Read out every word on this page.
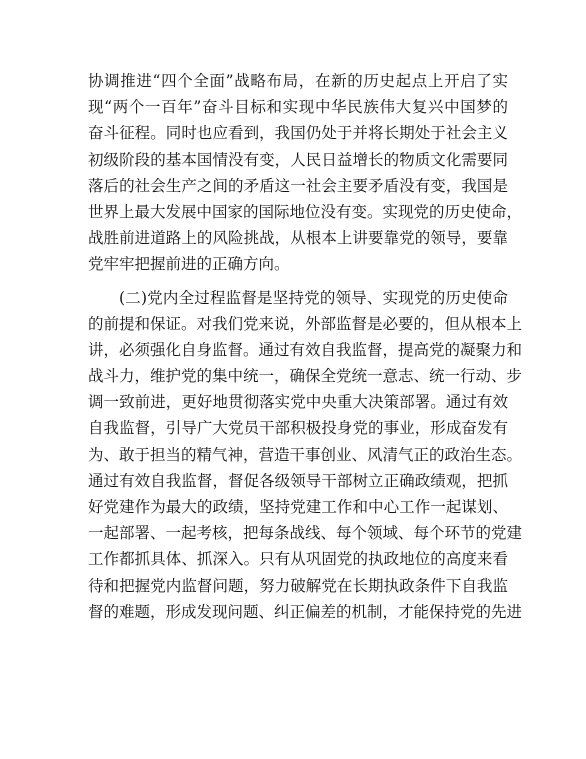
协调推进“四个全面”战略布局，在新的历史起点上开启了实
现“两个一百年”奋斗目标和实现中华民族伟大复兴中国梦的
奋斗征程。同时也应看到，我国仍处于并将长期处于社会主义
初级阶段的基本国情没有变，人民日益增长的物质文化需要同
落后的社会生产之间的矛盾这一社会主要矛盾没有变，我国是
世界上最大发展中国家的国际地位没有变。实现党的历史使命，
战胜前进道路上的风险挑战，从根本上讲要靠党的领导，要靠
党牢牢把握前进的正确方向。
(二)党内全过程监督是坚持党的领导、实现党的历史使命
的前提和保证。对我们党来说，外部监督是必要的，但从根本上
讲，必须强化自身监督。通过有效自我监督，提高党的凝聚力和
战斗力，维护党的集中统一，确保全党统一意志、统一行动、步
调一致前进，更好地贯彻落实党中央重大决策部署。通过有效
自我监督，引导广大党员干部积极投身党的事业，形成奋发有
为、敢于担当的精气神，营造干事创业、风清气正的政治生态。
通过有效自我监督，督促各级领导干部树立正确政绩观，把抓
好党建作为最大的政绩，坚持党建工作和中心工作一起谋划、
一起部署、一起考核，把每条战线、每个领域、每个环节的党建
工作都抓具体、抓深入。只有从巩固党的执政地位的高度来看
待和把握党内监督问题，努力破解党在长期执政条件下自我监
督的难题，形成发现问题、纠正偏差的机制，才能保持党的先进
